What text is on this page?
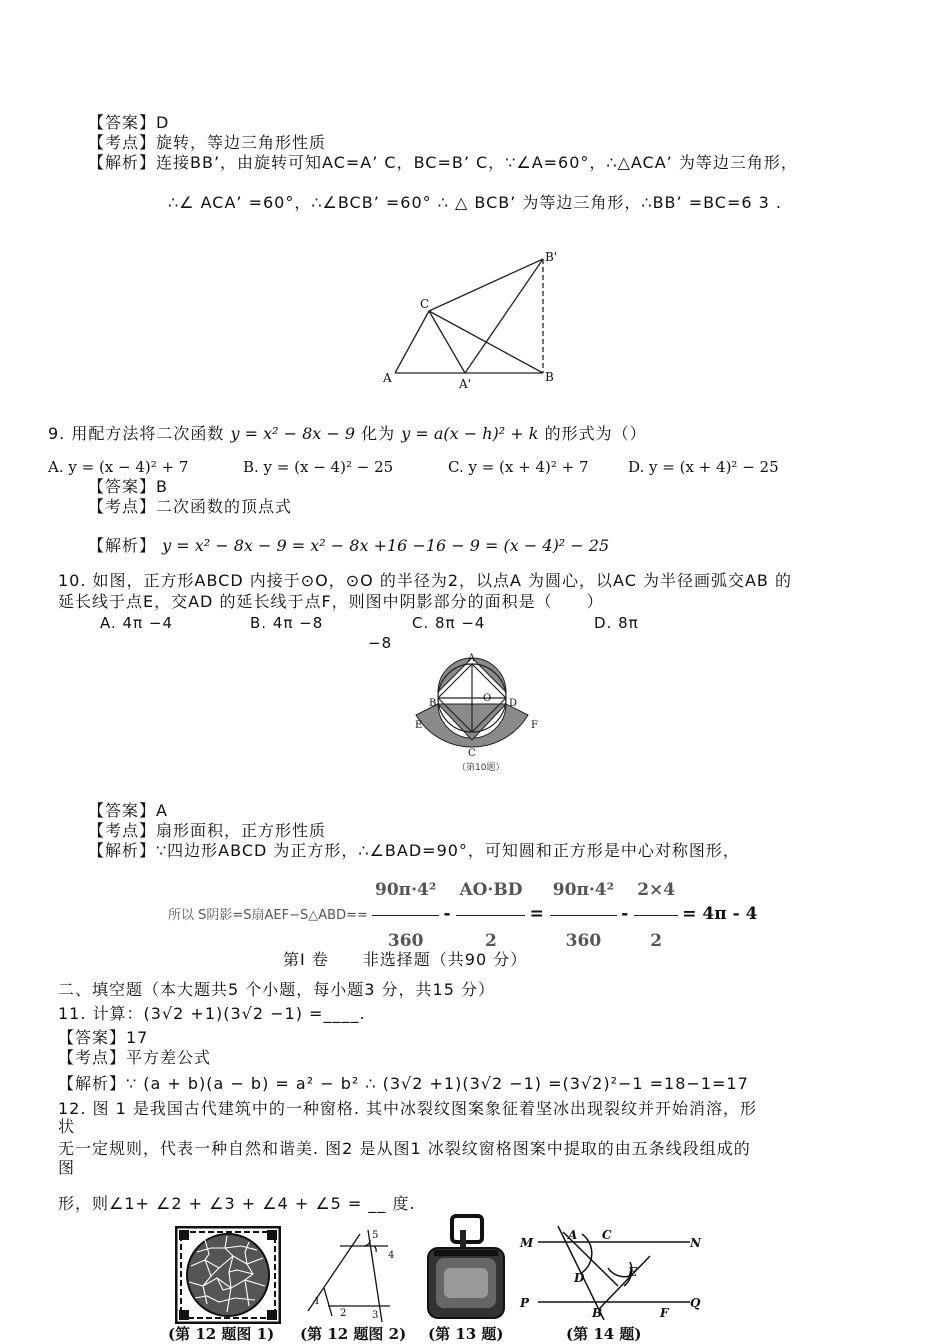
【答案】D
【考点】旋转，等边三角形性质
【解析】连接BB’，由旋转可知AC=A’ C，BC=B’ C，∵∠A=60°，∴△ACA’ 为等边三角形，
∴∠ ACA’ =60°，∴∠BCB’ =60° ∴ △ BCB’ 为等边三角形，∴BB’ =BC=6 3 .
A	A'	B
B'
C
9. 用配方法将二次函数 y = x² − 8x − 9 化为 y = a(x − h)² + k 的形式为（）
A. y = (x − 4)² + 7	B. y = (x − 4)² − 25	C. y = (x + 4)² + 7	D. y = (x + 4)² − 25
【答案】B
【考点】二次函数的顶点式
【解析】 y = x² − 8x − 9 = x² − 8x +16 −16 − 9 = (x − 4)² − 25
10. 如图，正方形ABCD 内接于⊙O，⊙O 的半径为2，以点A 为圆心，以AC 为半径画弧交AB 的
延长线于点E，交AD 的延长线于点F，则图中阴影部分的面积是（　　）
A. 4π −4	B. 4π −8	C. 8π −4	D. 8π
−8
A
B
C
D
E	F
O
（第10题）
【答案】A
【考点】扇形面积，正方形性质
【解析】∵四边形ABCD 为正方形，∴∠BAD=90°，可知圆和正方形是中心对称图形，
所以 S阴影=S扇AEF−S△ABD== $\frac{\text{90π·4²}}{360} - \frac{AO\cdot BD}{2} = \frac{\text{90π·4²}}{360} - \frac{2\times 4}{2} = 4\pi - 4$
第I 卷　　非选择题（共90 分）
二、填空题（本大题共5 个小题，每小题3 分，共15 分）
11. 计算：(3√2 +1)(3√2 −1) =____.
【答案】17
【考点】平方差公式
【解析】∵ (a + b)(a − b) = a² − b² ∴ (3√2 +1)(3√2 −1) =(3√2)²−1 =18−1=17
12. 图 1 是我国古代建筑中的一种窗格. 其中冰裂纹图案象征着坚冰出现裂纹并开始消溶，形
状
无一定规则，代表一种自然和谐美. 图2 是从图1 冰裂纹窗格图案中提取的由五条线段组成的
图
形，则∠1+ ∠2 + ∠3 + ∠4 + ∠5 = __ 度.
(第 12 题图 1)
1
2	3
4
5
(第 12 题图 2) (第 13 题)
M	N
P	Q
A
B
C
D	E
F
(第 14 题)
